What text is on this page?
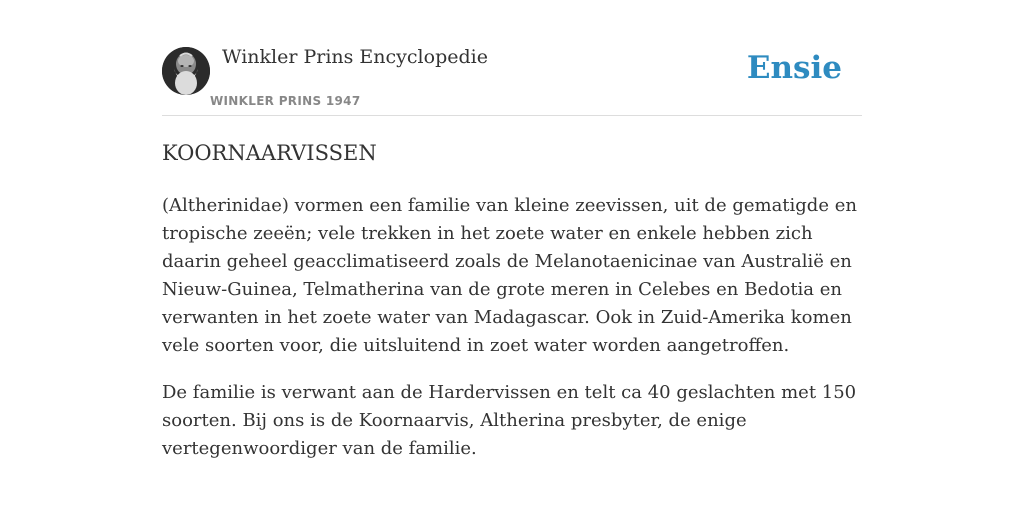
Winkler Prins Encyclopedie
WINKLER PRINS 1947
Ensie
KOORNAARVISSEN

(Altherinidae) vormen een familie van kleine zeevissen, uit de gematigde en tropische zeeën; vele trekken in het zoete water en enkele hebben zich daarin geheel geacclimatiseerd zoals de Melanotaenicinae van Australië en Nieuw-Guinea, Telmatherina van de grote meren in Celebes en Bedotia en verwanten in het zoete water van Madagascar. Ook in Zuid-Amerika komen vele soorten voor, die uitsluitend in zoet water worden aangetroffen.

De familie is verwant aan de Hardervissen en telt ca 40 geslachten met 150 soorten. Bij ons is de Koornaarvis, Altherina presbyter, de enige vertegenwoordiger van de familie.
